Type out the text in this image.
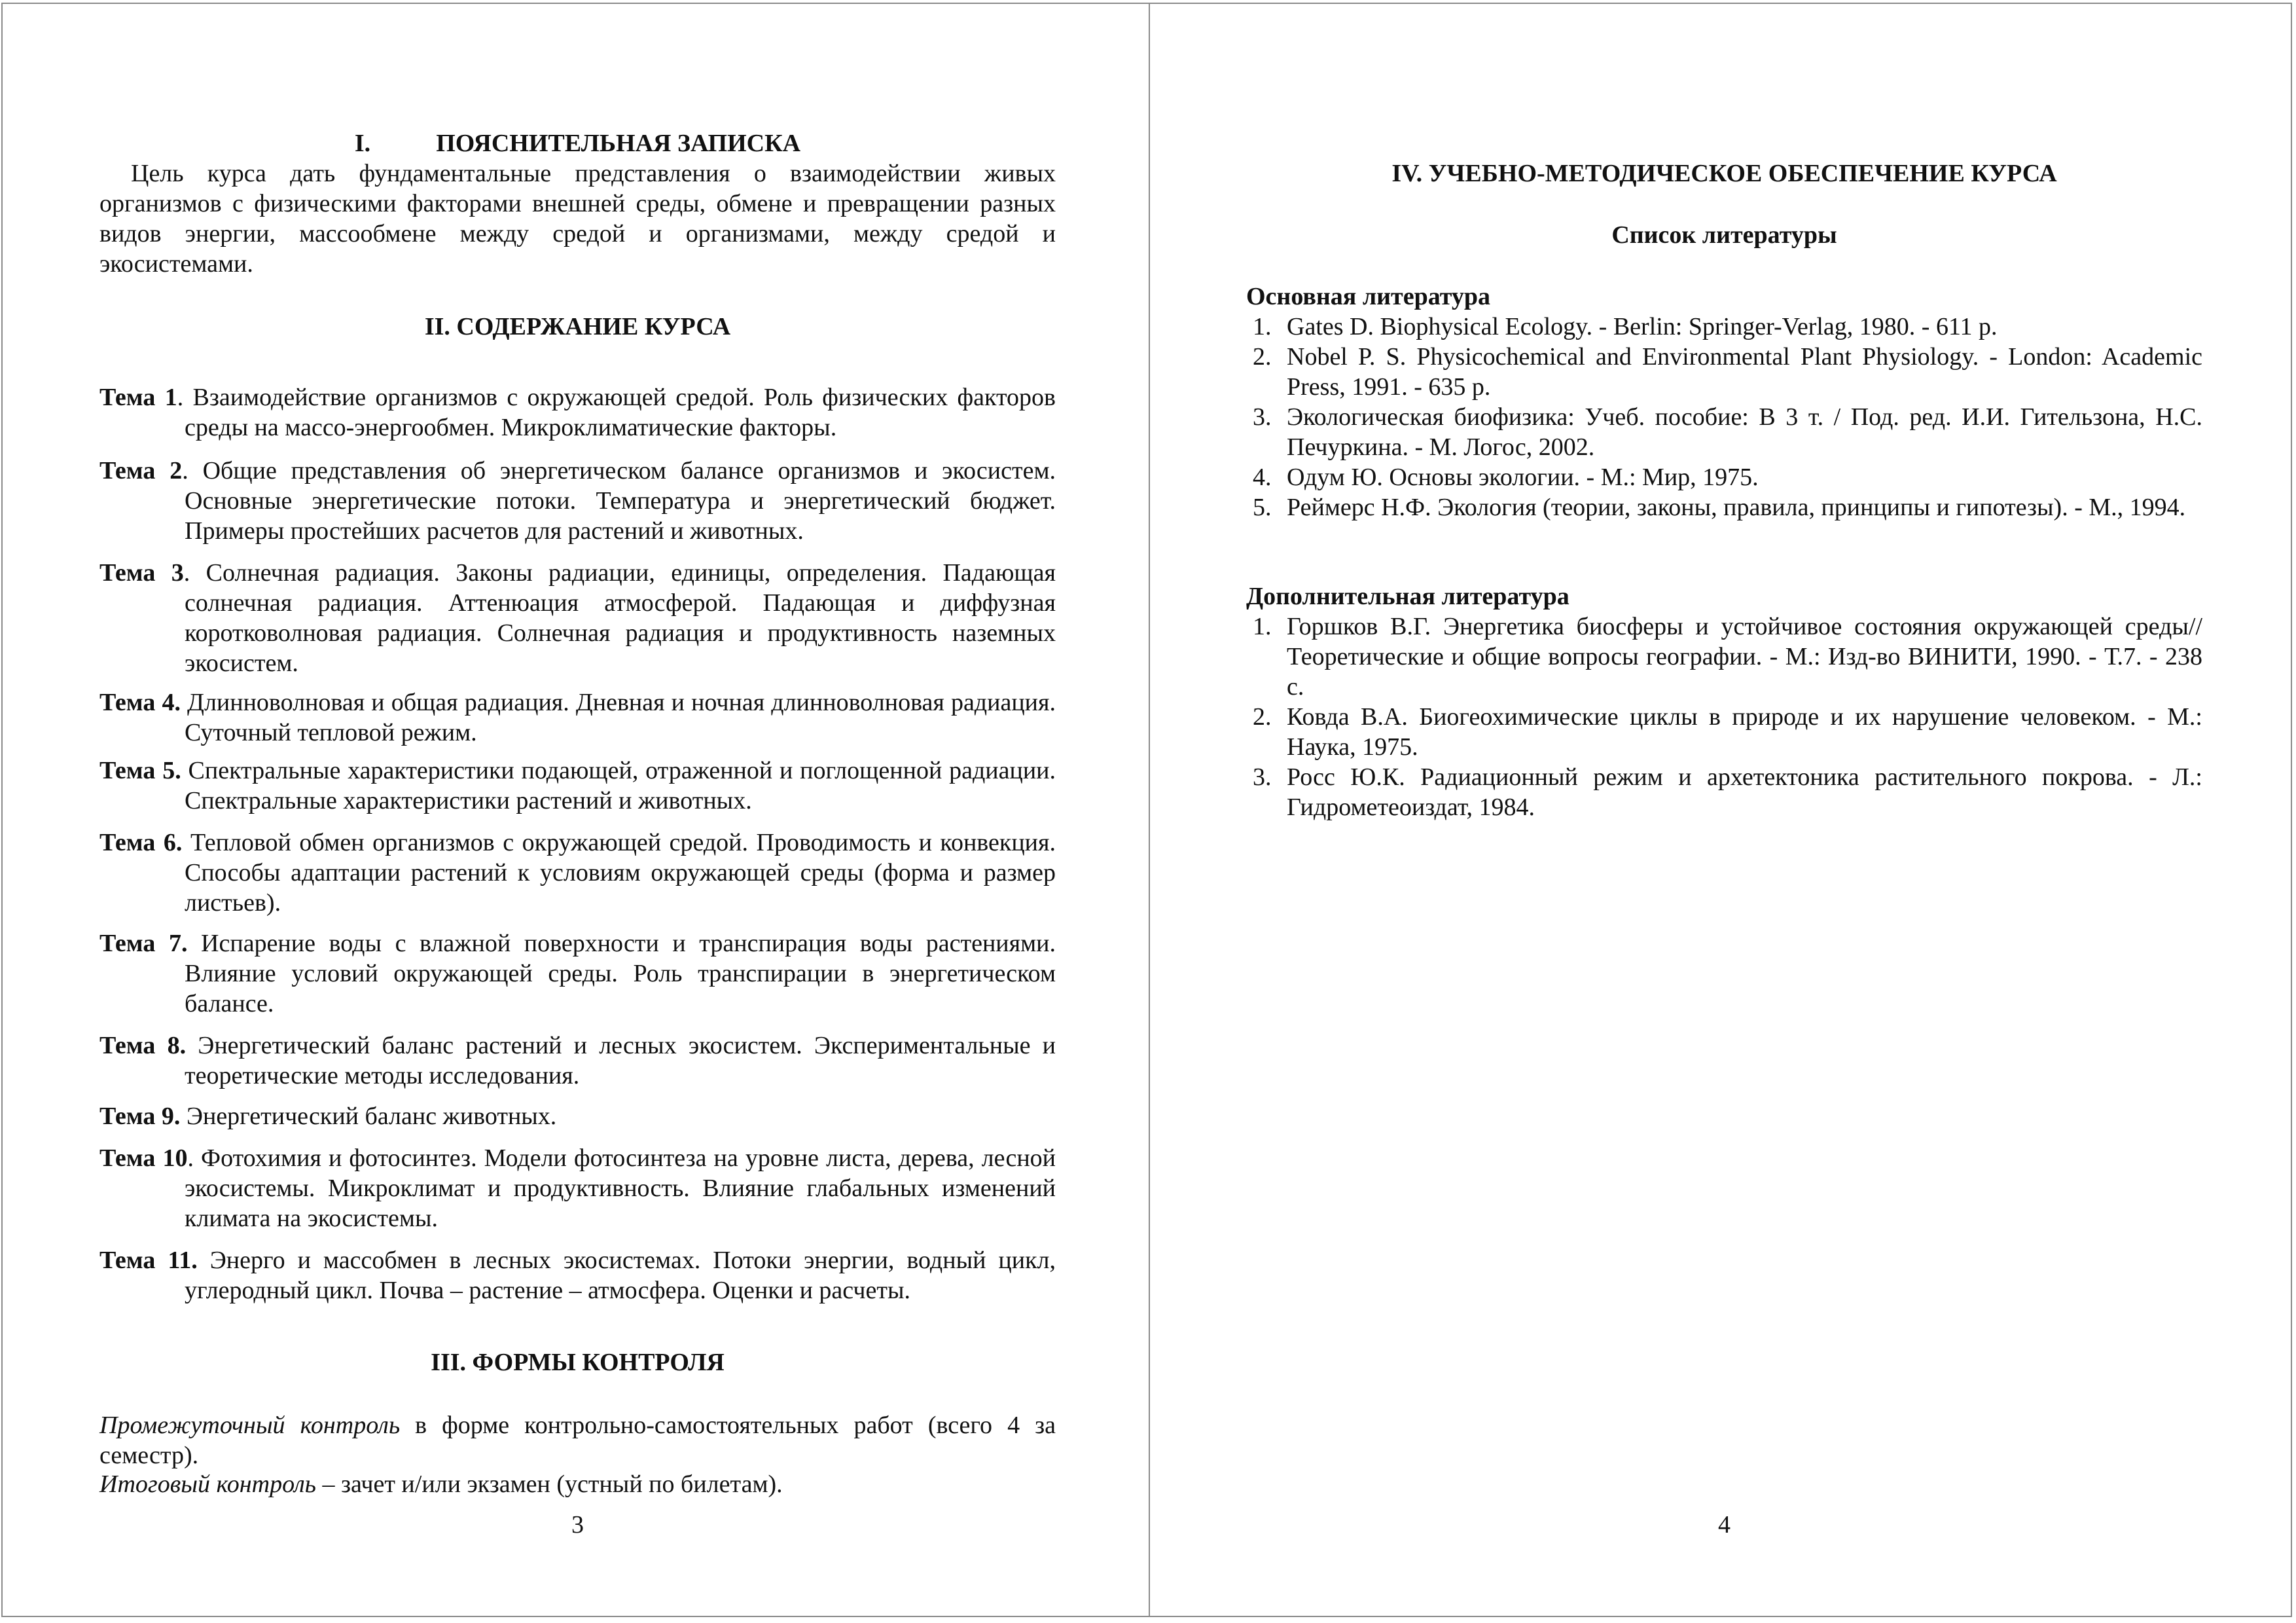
I.	ПОЯСНИТЕЛЬНАЯ ЗАПИСКА
Цель курса дать фундаментальные представления о взаимодействии живых организмов с физическими факторами внешней среды, обмене и превращении разных видов энергии, массообмене между средой и организмами, между средой и экосистемами.
II. СОДЕРЖАНИЕ КУРСА
Тема 1. Взаимодействие организмов с окружающей средой. Роль физических факторов среды на массо-энергообмен. Микроклиматические факторы.
Тема 2. Общие представления об энергетическом балансе организмов и экосистем. Основные энергетические потоки. Температура и энергетический бюджет. Примеры простейших расчетов для растений и животных.
Тема 3. Солнечная радиация. Законы радиации, единицы, определения. Падающая солнечная радиация. Аттенюация атмосферой. Падающая и диффузная коротковолновая радиация. Солнечная радиация и продуктивность наземных экосистем.
Тема 4. Длинноволновая и общая радиация. Дневная и ночная длинноволновая радиация. Суточный тепловой режим.
Тема 5. Спектральные характеристики подающей, отраженной и поглощенной радиации. Спектральные характеристики растений и животных.
Тема 6. Тепловой обмен организмов с окружающей средой. Проводимость и конвекция. Способы адаптации растений к условиям окружающей среды (форма и размер листьев).
Тема 7. Испарение воды с влажной поверхности и транспирация воды растениями. Влияние условий окружающей среды. Роль транспирации в энергетическом балансе.
Тема 8. Энергетический баланс растений и лесных экосистем. Экспериментальные и теоретические методы исследования.
Тема 9. Энергетический баланс животных.
Тема 10. Фотохимия и фотосинтез. Модели фотосинтеза на уровне листа, дерева, лесной экосистемы. Микроклимат и продуктивность. Влияние глабальных изменений климата на экосистемы.
Тема 11. Энерго и массобмен в лесных экосистемах. Потоки энергии, водный цикл, углеродный цикл. Почва – растение – атмосфера. Оценки и расчеты.
III. ФОРМЫ КОНТРОЛЯ
Промежуточный контроль в форме контрольно-самостоятельных работ (всего 4 за семестр).
Итоговый контроль – зачет и/или экзамен (устный по билетам).
3
IV. УЧЕБНО-МЕТОДИЧЕСКОЕ ОБЕСПЕЧЕНИЕ КУРСА
Список литературы
Основная литература
1. Gates D. Biophysical Ecology. - Berlin: Springer-Verlag, 1980. - 611 p.
2. Nobel P. S. Physicochemical and Environmental Plant Physiology. - London: Academic Press, 1991. - 635 p.
3. Экологическая биофизика: Учеб. пособие: В 3 т. / Под. ред. И.И. Гительзона, Н.С. Печуркина. - М. Логос, 2002.
4. Одум Ю. Основы экологии. - М.: Мир, 1975.
5. Реймерс Н.Ф. Экология (теории, законы, правила, принципы и гипотезы). - М., 1994.
Дополнительная литература
1. Горшков В.Г. Энергетика биосферы и устойчивое состояния окружающей среды// Теоретические и общие вопросы географии. - М.: Изд-во ВИНИТИ, 1990. - Т.7. - 238 с.
2. Ковда В.А. Биогеохимические циклы в природе и их нарушение человеком. - М.: Наука, 1975.
3. Росс Ю.К. Радиационный режим и архетектоника растительного покрова. - Л.: Гидрометеоиздат, 1984.
4
